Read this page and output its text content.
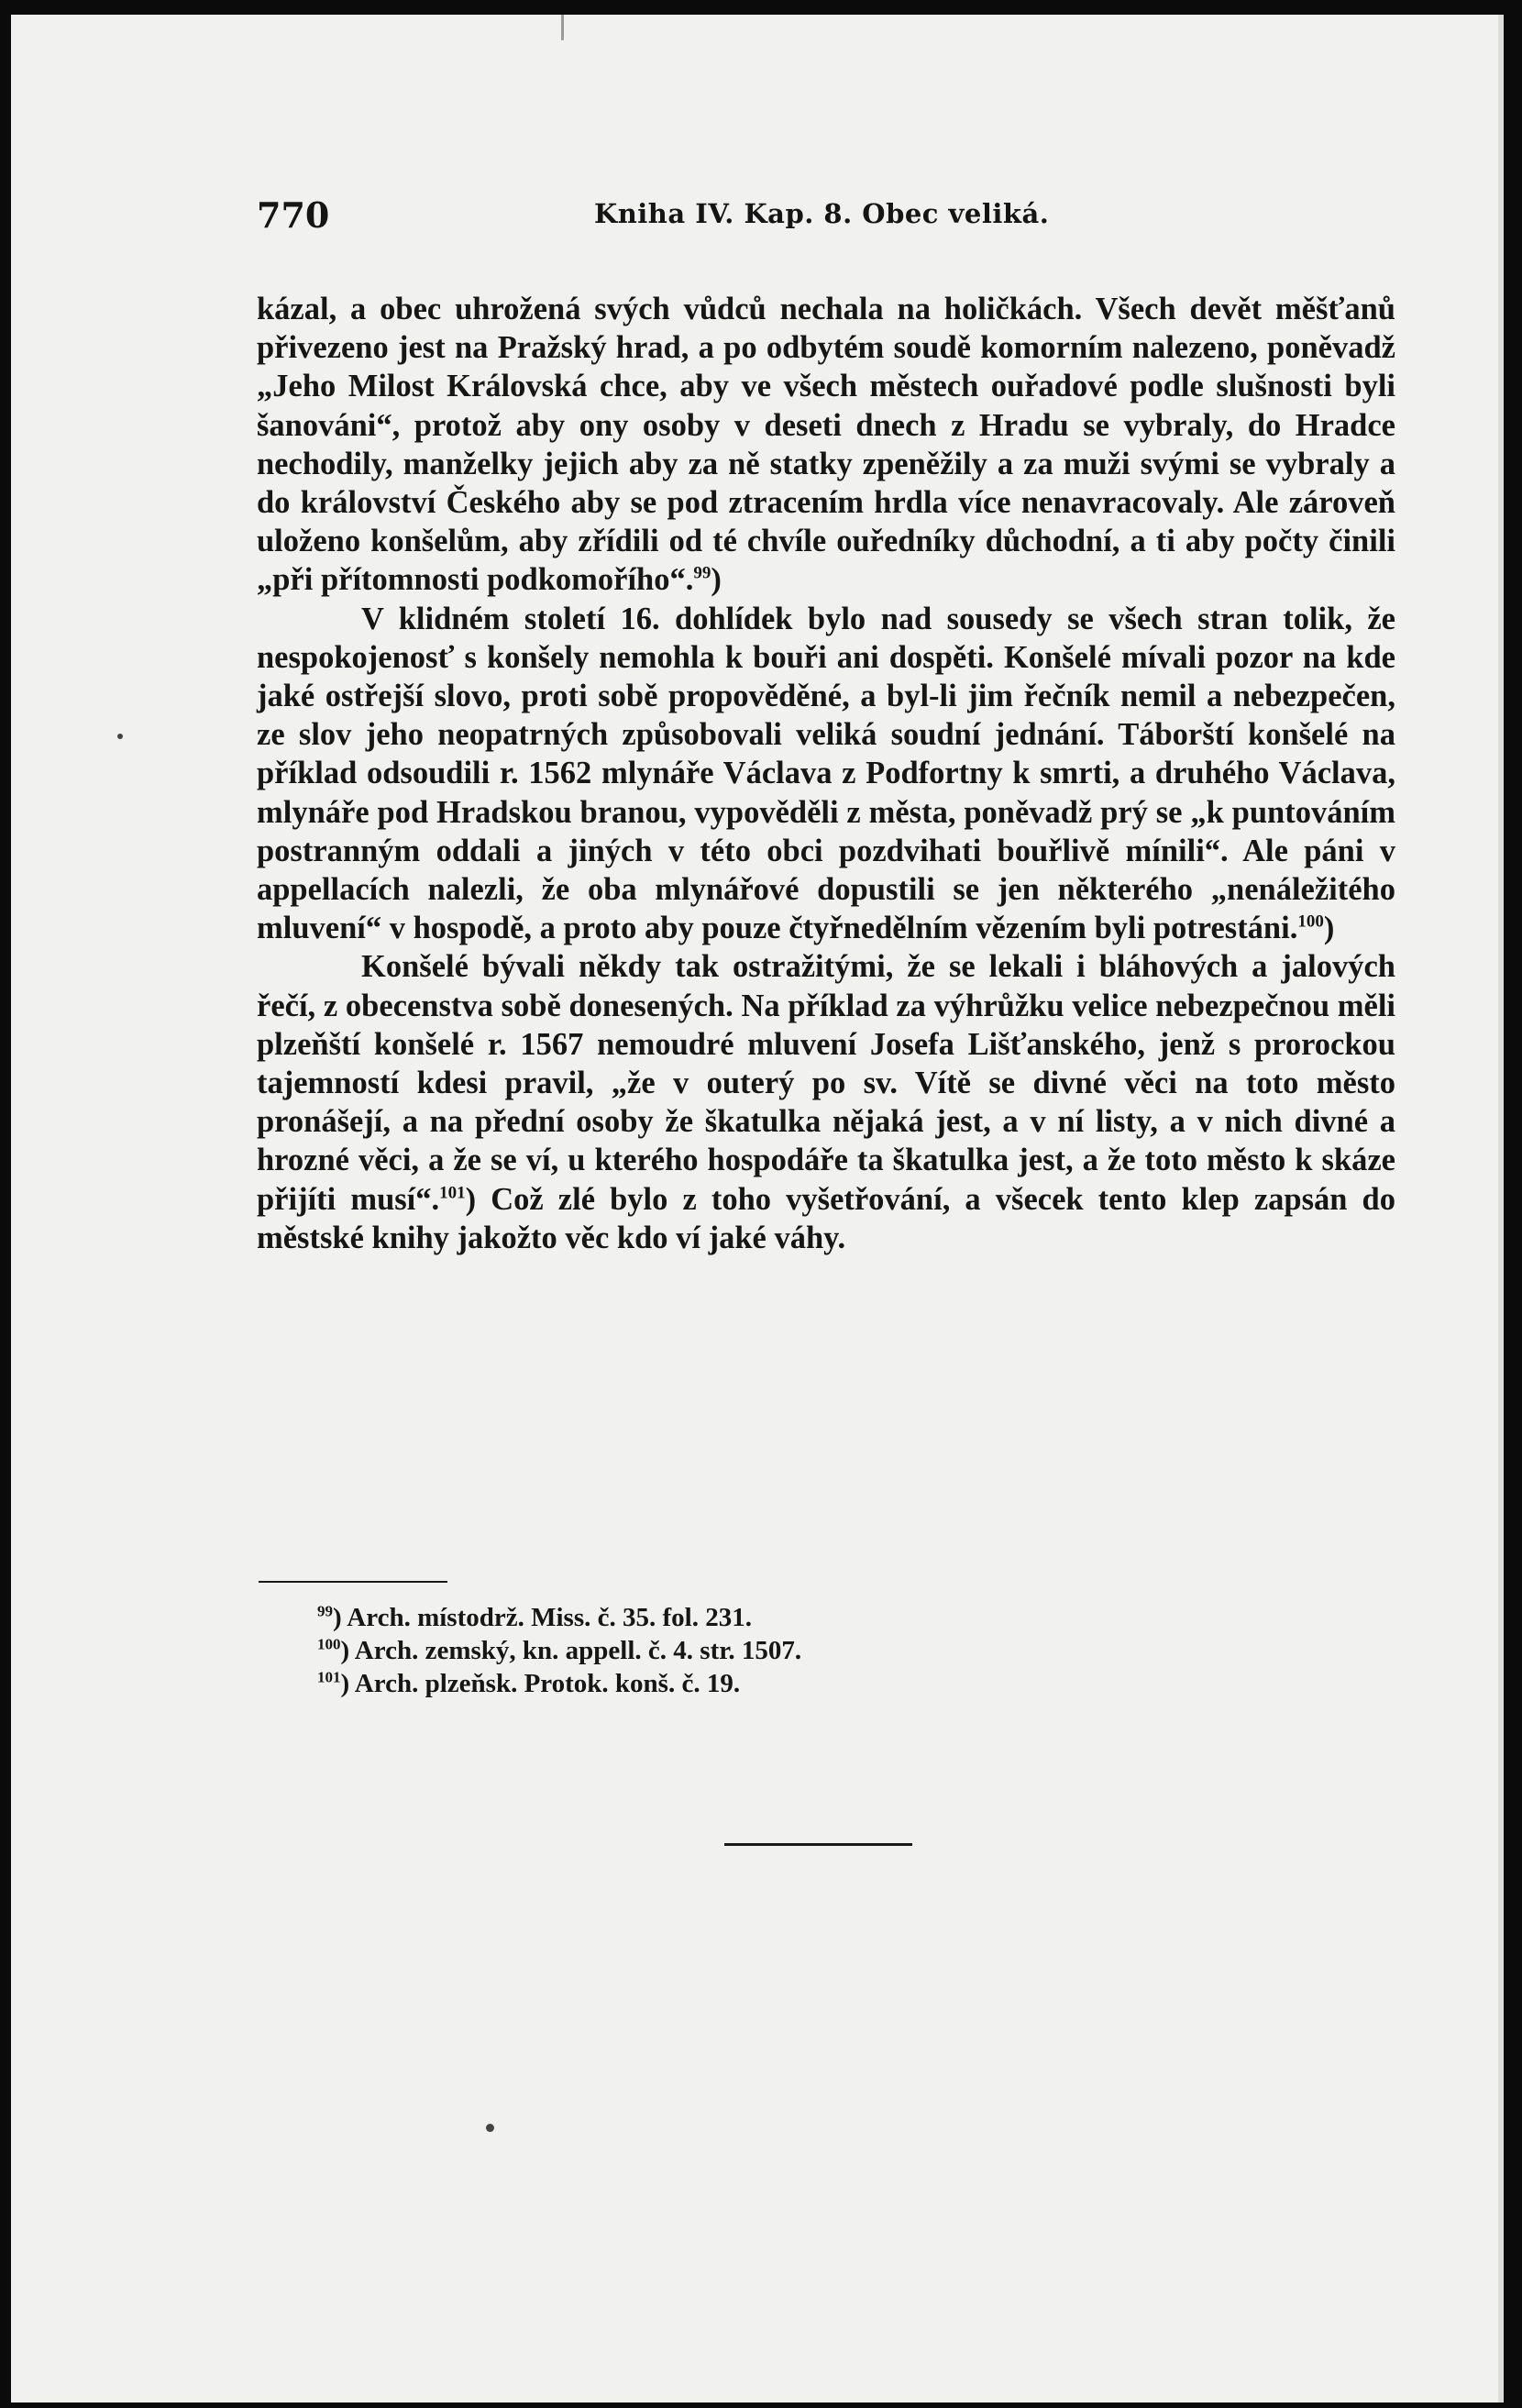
770	Kniha IV. Kap. 8. Obec veliká.

kázal, a obec uhrožená svých vůdců nechala na holičkách. Všech devět měšťanů přivezeno jest na Pražský hrad, a po odbytém soudě komorním nalezeno, poněvadž „Jeho Milost Královská chce, aby ve všech městech ouřadové podle slušnosti byli šanováni“, protož aby ony osoby v deseti dnech z Hradu se vybraly, do Hradce nechodily, manželky jejich aby za ně statky zpeněžily a za muži svými se vybraly a do království Českého aby se pod ztracením hrdla více nenavracovaly. Ale zároveň uloženo konšelům, aby zřídili od té chvíle ouředníky důchodní, a ti aby počty činili „při přítomnosti podkomořího“.$^{99}$)

V klidném století 16. dohlídek bylo nad sousedy se všech stran tolik, že nespokojenosť s konšely nemohla k bouři ani dospěti. Konšelé mívali pozor na kde jaké ostřejší slovo, proti sobě propověděné, a byl-li jim řečník nemil a nebezpečen, ze slov jeho neopatrných způsobovali veliká soudní jednání. Táborští konšelé na příklad odsoudili r. 1562 mlynáře Václava z Podfortny k smrti, a druhého Václava, mlynáře pod Hradskou branou, vypověděli z města, poněvadž prý se „k puntováním postranným oddali a jiných v této obci pozdvihati bouřlivě mínili“. Ale páni v appellacích nalezli, že oba mlynářové dopustili se jen některého „nenáležitého mluvení“ v hospodě, a proto aby pouze čtyřnedělním vězením byli potrestáni.$^{100}$)

Konšelé bývali někdy tak ostražitými, že se lekali i bláhových a jalových řečí, z obecenstva sobě donesených. Na příklad za výhrůžku velice nebezpečnou měli plzeňští konšelé r. 1567 nemoudré mluvení Josefa Lišťanského, jenž s prorockou tajemností kdesi pravil, „že v outerý po sv. Vítě se divné věci na toto město pronášejí, a na přední osoby že škatulka nějaká jest, a v ní listy, a v nich divné a hrozné věci, a že se ví, u kterého hospodáře ta škatulka jest, a že toto město k skáze přijíti musí“.$^{101}$) Což zlé bylo z toho vyšetřování, a všecek tento klep zapsán do městské knihy jakožto věc kdo ví jaké váhy.

$^{99}$) Arch. místodrž. Miss. č. 35. fol. 231.
$^{100}$) Arch. zemský, kn. appell. č. 4. str. 1507.
$^{101}$) Arch. plzeňsk. Protok. konš. č. 19.
